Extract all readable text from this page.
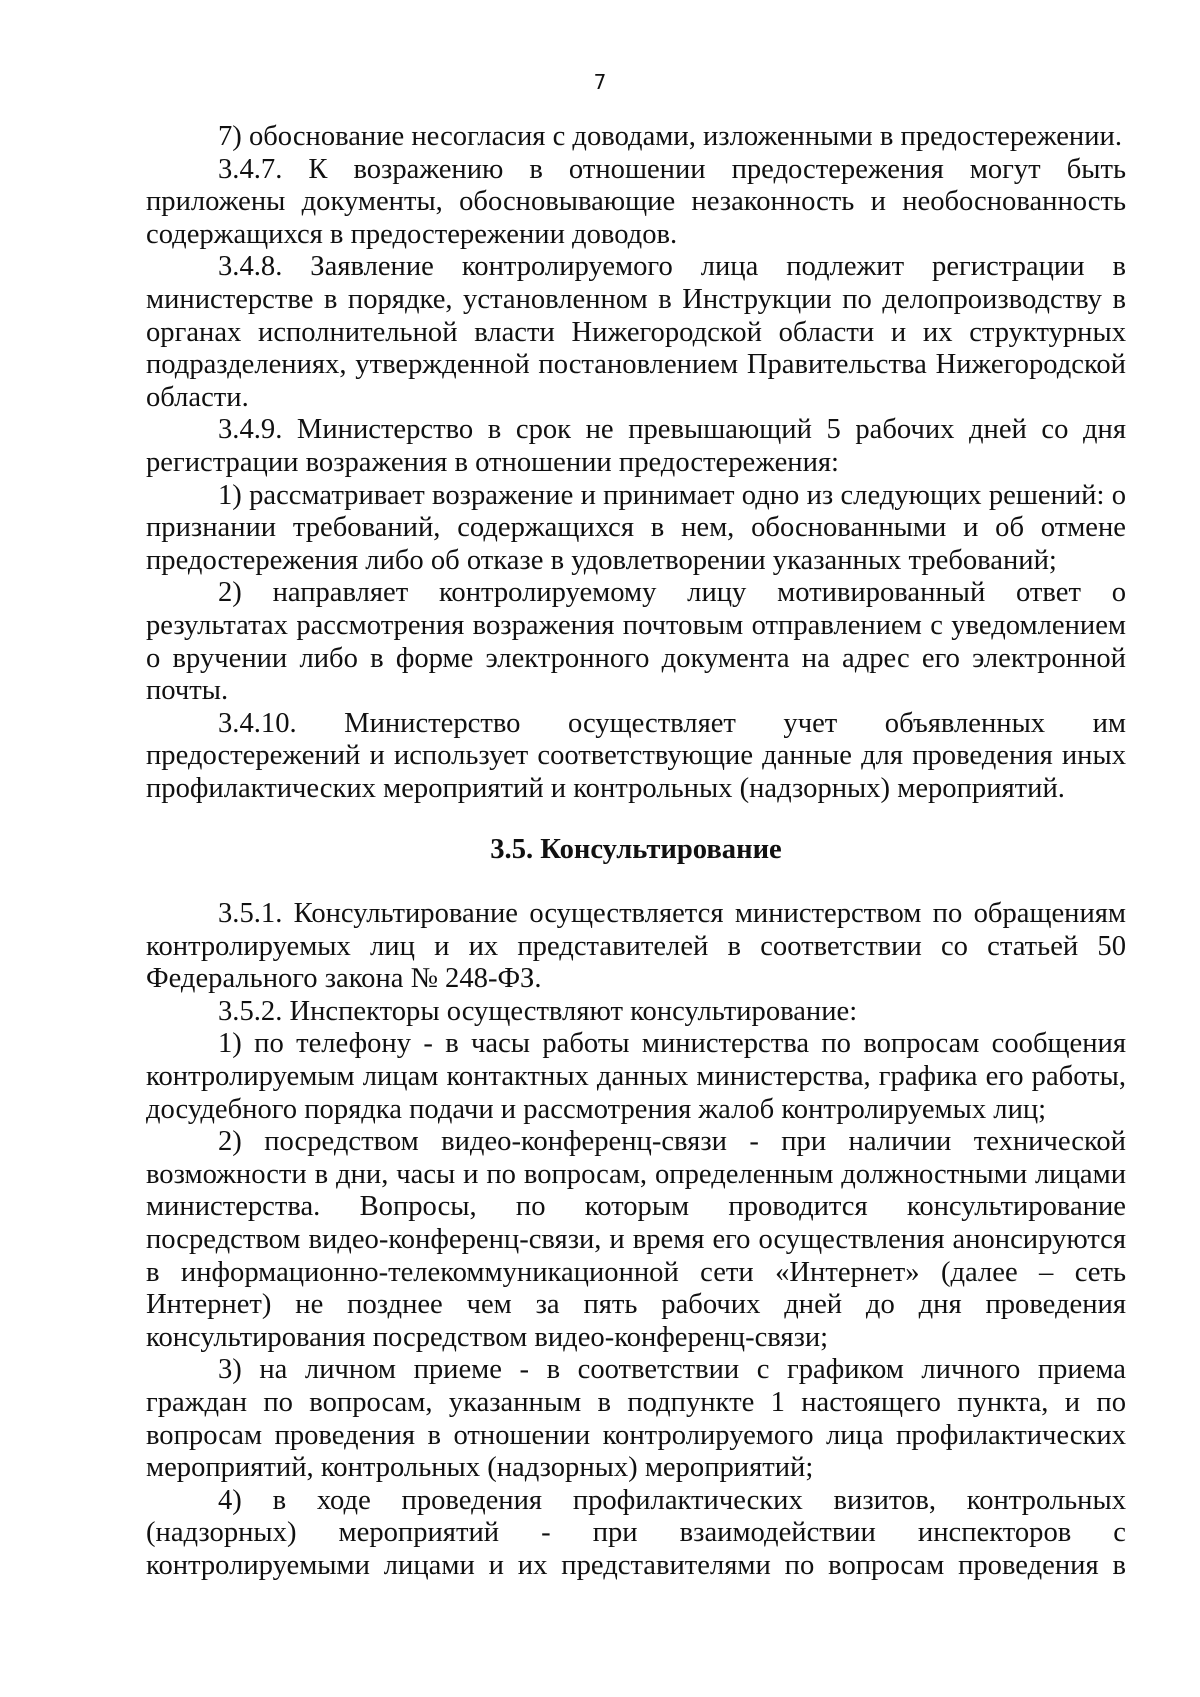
7

7) обоснование несогласия с доводами, изложенными в предостережении.

3.4.7. К возражению в отношении предостережения могут быть приложены документы, обосновывающие незаконность и необоснованность содержащихся в предостережении доводов.

3.4.8. Заявление контролируемого лица подлежит регистрации в министерстве в порядке, установленном в Инструкции по делопроизводству в органах исполнительной власти Нижегородской области и их структурных подразделениях, утвержденной постановлением Правительства Нижегородской области.

3.4.9. Министерство в срок не превышающий 5 рабочих дней со дня регистрации возражения в отношении предостережения:

1) рассматривает возражение и принимает одно из следующих решений: о признании требований, содержащихся в нем, обоснованными и об отмене предостережения либо об отказе в удовлетворении указанных требований;

2) направляет контролируемому лицу мотивированный ответ о результатах рассмотрения возражения почтовым отправлением с уведомлением о вручении либо в форме электронного документа на адрес его электронной почты.

3.4.10. Министерство осуществляет учет объявленных им предостережений и использует соответствующие данные для проведения иных профилактических мероприятий и контрольных (надзорных) мероприятий.

3.5. Консультирование

3.5.1. Консультирование осуществляется министерством по обращениям контролируемых лиц и их представителей в соответствии со статьей 50 Федерального закона № 248-ФЗ.

3.5.2. Инспекторы осуществляют консультирование:

1) по телефону - в часы работы министерства по вопросам сообщения контролируемым лицам контактных данных министерства, графика его работы, досудебного порядка подачи и рассмотрения жалоб контролируемых лиц;

2) посредством видео-конференц-связи - при наличии технической возможности в дни, часы и по вопросам, определенным должностными лицами министерства. Вопросы, по которым проводится консультирование посредством видео-конференц-связи, и время его осуществления анонсируются в информационно-телекоммуникационной сети «Интернет» (далее – сеть Интернет) не позднее чем за пять рабочих дней до дня проведения консультирования посредством видео-конференц-связи;

3) на личном приеме - в соответствии с графиком личного приема граждан по вопросам, указанным в подпункте 1 настоящего пункта, и по вопросам проведения в отношении контролируемого лица профилактических мероприятий, контрольных (надзорных) мероприятий;

4) в ходе проведения профилактических визитов, контрольных (надзорных) мероприятий - при взаимодействии инспекторов с контролируемыми лицами и их представителями по вопросам проведения в
